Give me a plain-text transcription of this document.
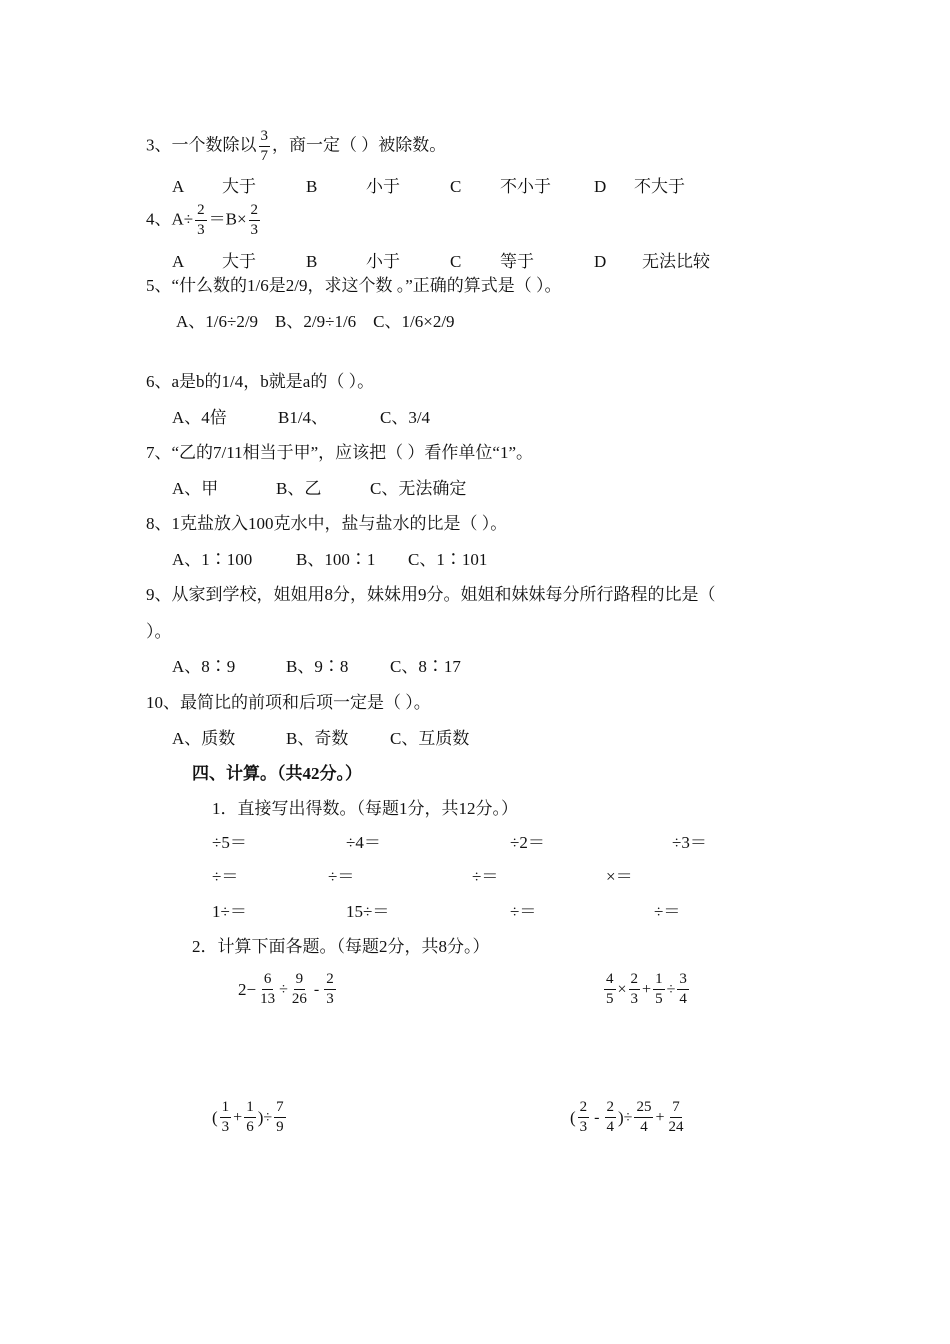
3、一个数除以 $\frac{3}{7}$ ，商一定（ ）被除数。
A 大于	B	小于	C 不小于	D 不大于
4、$A\div \frac{2}{3} =B\times \frac{2}{3}$
A 大于	B	小于	C 等于	D 无法比较
5、“什么数的1/6是2/9，求这个数 。”正确的算式是（ ）。
A、1/6÷2/9    B、2/9÷1/6    C、1/6×2/9
6、a是b的1/4，b就是a的（ ）。
A、4倍	B1/4、	C、3/4
7、“乙的7/11相当于甲”，应该把（ ）看作单位“1”。
A、甲	B、乙	C、无法确定
8、1克盐放入100克水中，盐与盐水的比是（ ）。
A、1∶100	B、100∶1 C、1∶101
9、从家到学校，姐姐用8分，妹妹用9分。姐姐和妹妹每分所行路程的比是（
）。
A、8∶9	B、9∶8 C、8∶17
10、最简比的前项和后项一定是（ ）。
A、质数	B、奇数 C、互质数
四、计算。（共42分。）
1．直接写出得数。（每题1分，共12分。）
÷5＝	÷4＝	÷2＝	÷3＝
÷＝	÷＝	÷＝	×＝
1÷＝	15÷＝	÷＝	÷＝
2．计算下面各题。（每题2分，共8分。）
$2- \frac{6}{13} \div \frac{9}{26} - \frac{2}{3}$	$\frac{4}{5} \times \frac{2}{3} + \frac{1}{5} \div \frac{3}{4}$
( $\frac{1}{3} + \frac{1}{6}$ ) ÷ $\frac{7}{9}$	( $\frac{2}{3} - \frac{2}{4}$ ) ÷ $\frac{25}{4} + \frac{7}{24}$
